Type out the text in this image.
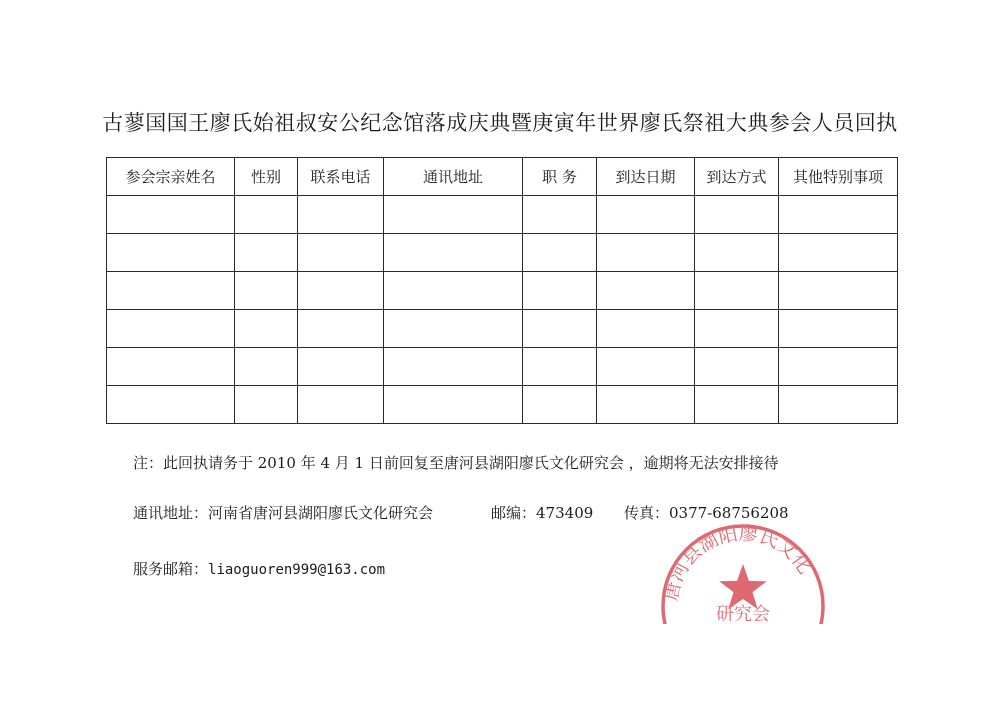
古蓼国国王廖氏始祖叔安公纪念馆落成庆典暨庚寅年世界廖氏祭祖大典参会人员回执
参会宗亲姓名	性别	联系电话	通讯地址	职 务	到达日期	到达方式	其他特别事项

注：此回执请务于 2010 年 4 月 1 日前回复至唐河县湖阳廖氏文化研究会 ，逾期将无法安排接待
通讯地址：河南省唐河县湖阳廖氏文化研究会	邮编：473409 传真：0377-68756208
服务邮箱：liaoguoren999@163.com
唐河县湖阳廖氏文化
研究会
